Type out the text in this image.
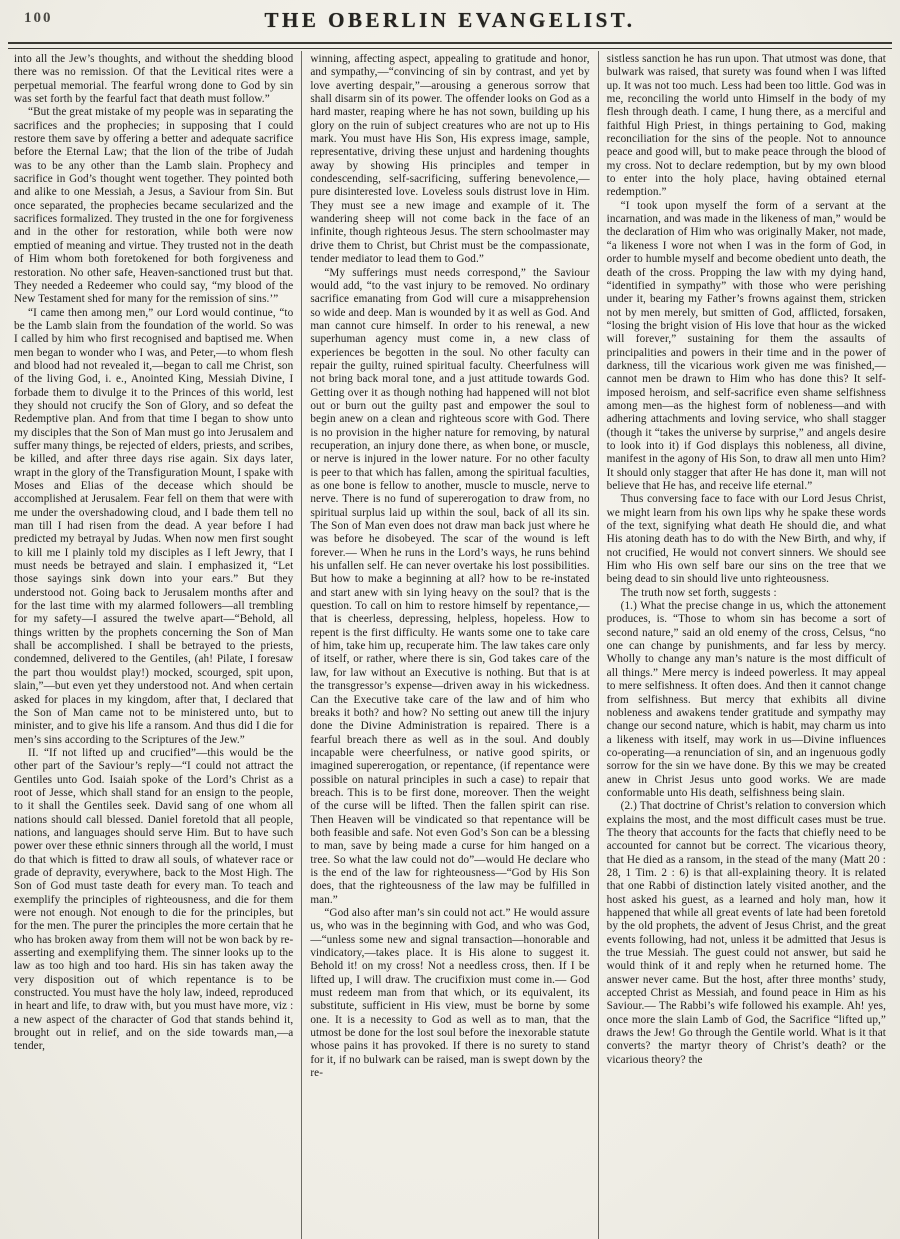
100	THE OBERLIN EVANGELIST.

into all the Jew’s thoughts, and without the shedding blood there was no remission. Of that the Levitical rites were a perpetual memorial. The fearful wrong done to God by sin was set forth by the fearful fact that death must follow.”

“But the great mistake of my people was in separating the sacrifices and the prophecies; in supposing that I could restore them save by offering a better and adequate sacrifice before the Eternal Law; that the lion of the tribe of Judah was to be any other than the Lamb slain. Prophecy and sacrifice in God’s thought went together. They pointed both and alike to one Messiah, a Jesus, a Saviour from Sin. But once separated, the prophecies became secularized and the sacrifices formalized. They trusted in the one for forgiveness and in the other for restoration, while both were now emptied of meaning and virtue. They trusted not in the death of Him whom both foretokened for both forgiveness and restoration. No other safe, Heaven-sanctioned trust but that. They needed a Redeemer who could say, “my blood of the New Testament shed for many for the remission of sins.’”

“I came then among men,” our Lord would continue, “to be the Lamb slain from the foundation of the world. So was I called by him who first recognised and baptised me. When men began to wonder who I was, and Peter,—to whom flesh and blood had not revealed it,—began to call me Christ, son of the living God, i. e., Anointed King, Messiah Divine, I forbade them to divulge it to the Princes of this world, lest they should not crucify the Son of Glory, and so defeat the Redemptive plan. And from that time I began to show unto my disciples that the Son of Man must go into Jerusalem and suffer many things, be rejected of elders, priests, and scribes, be killed, and after three days rise again. Six days later, wrapt in the glory of the Transfiguration Mount, I spake with Moses and Elias of the decease which should be accomplished at Jerusalem. Fear fell on them that were with me under the overshadowing cloud, and I bade them tell no man till I had risen from the dead. A year before I had predicted my betrayal by Judas. When now men first sought to kill me I plainly told my disciples as I left Jewry, that I must needs be betrayed and slain. I emphasized it, “Let those sayings sink down into your ears.” But they understood not. Going back to Jerusalem months after and for the last time with my alarmed followers—all trembling for my safety—I assured the twelve apart—“Behold, all things written by the prophets concerning the Son of Man shall be accomplished. I shall be betrayed to the priests, condemned, delivered to the Gentiles, (ah! Pilate, I foresaw the part thou wouldst play!) mocked, scourged, spit upon, slain,”—but even yet they understood not. And when certain asked for places in my kingdom, after that, I declared that the Son of Man came not to be ministered unto, but to minister, and to give his life a ransom. And thus did I die for men’s sins according to the Scriptures of the Jew.”

II. “If not lifted up and crucified”—this would be the other part of the Saviour’s reply—“I could not attract the Gentiles unto God. Isaiah spoke of the Lord’s Christ as a root of Jesse, which shall stand for an ensign to the people, to it shall the Gentiles seek. David sang of one whom all nations should call blessed. Daniel foretold that all people, nations, and languages should serve Him. But to have such power over these ethnic sinners through all the world, I must do that which is fitted to draw all souls, of whatever race or grade of depravity, everywhere, back to the Most High. The Son of God must taste death for every man. To teach and exemplify the principles of righteousness, and die for them were not enough. Not enough to die for the principles, but for the men. The purer the principles the more certain that he who has broken away from them will not be won back by re-asserting and exemplifying them. The sinner looks up to the law as too high and too hard. His sin has taken away the very disposition out of which repentance is to be constructed. You must have the holy law, indeed, reproduced in heart and life, to draw with, but you must have more, viz : a new aspect of the character of God that stands behind it, brought out in relief, and on the side towards man,—a tender,

winning, affecting aspect, appealing to gratitude and honor, and sympathy,—“convincing of sin by contrast, and yet by love averting despair,”—arousing a generous sorrow that shall disarm sin of its power. The offender looks on God as a hard master, reaping where he has not sown, building up his glory on the ruin of subject creatures who are not up to His mark. You must have His Son, His express image, sample, representative, driving these unjust and hardening thoughts away by showing His principles and temper in condescending, self-sacrificing, suffering benevolence,—pure disinterested love. Loveless souls distrust love in Him. They must see a new image and example of it. The wandering sheep will not come back in the face of an infinite, though righteous Jesus. The stern schoolmaster may drive them to Christ, but Christ must be the compassionate, tender mediator to lead them to God.”

“My sufferings must needs correspond,” the Saviour would add, “to the vast injury to be removed. No ordinary sacrifice emanating from God will cure a misapprehension so wide and deep. Man is wounded by it as well as God. And man cannot cure himself. In order to his renewal, a new superhuman agency must come in, a new class of experiences be begotten in the soul. No other faculty can repair the guilty, ruined spiritual faculty. Cheerfulness will not bring back moral tone, and a just attitude towards God. Getting over it as though nothing had happened will not blot out or burn out the guilty past and empower the soul to begin anew on a clean and righteous score with God. There is no provision in the higher nature for removing, by natural recuperation, an injury done there, as when bone, or muscle, or nerve is injured in the lower nature. For no other faculty is peer to that which has fallen, among the spiritual faculties, as one bone is fellow to another, muscle to muscle, nerve to nerve. There is no fund of supererogation to draw from, no spiritual surplus laid up within the soul, back of all its sin. The Son of Man even does not draw man back just where he was before he disobeyed. The scar of the wound is left forever.— When he runs in the Lord’s ways, he runs behind his unfallen self. He can never overtake his lost possibilities. But how to make a beginning at all? how to be re-instated and start anew with sin lying heavy on the soul? that is the question. To call on him to restore himself by repentance,—that is cheerless, depressing, helpless, hopeless. How to repent is the first difficulty. He wants some one to take care of him, take him up, recuperate him. The law takes care only of itself, or rather, where there is sin, God takes care of the law, for law without an Executive is nothing. But that is at the transgressor’s expense—driven away in his wickedness. Can the Executive take care of the law and of him who breaks it both? and how? No setting out anew till the injury done the Divine Administration is repaired. There is a fearful breach there as well as in the soul. And doubly incapable were cheerfulness, or native good spirits, or imagined supererogation, or repentance, (if repentance were possible on natural principles in such a case) to repair that breach. This is to be first done, moreover. Then the weight of the curse will be lifted. Then the fallen spirit can rise. Then Heaven will be vindicated so that repentance will be both feasible and safe. Not even God’s Son can be a blessing to man, save by being made a curse for him hanged on a tree. So what the law could not do”—would He declare who is the end of the law for righteousness—“God by His Son does, that the righteousness of the law may be fulfilled in man.”

“God also after man’s sin could not act.” He would assure us, who was in the beginning with God, and who was God,—“unless some new and signal transaction—honorable and vindicatory,—takes place. It is His alone to suggest it. Behold it! on my cross! Not a needless cross, then. If I be lifted up, I will draw. The crucifixion must come in.— God must redeem man from that which, or its equivalent, its substitute, sufficient in His view, must be borne by some one. It is a necessity to God as well as to man, that the utmost be done for the lost soul before the inexorable statute whose pains it has provoked. If there is no surety to stand for it, if no bulwark can be raised, man is swept down by the re-

sistless sanction he has run upon. That utmost was done, that bulwark was raised, that surety was found when I was lifted up. It was not too much. Less had been too little. God was in me, reconciling the world unto Himself in the body of my flesh through death. I came, I hung there, as a merciful and faithful High Priest, in things pertaining to God, making reconciliation for the sins of the people. Not to announce peace and good will, but to make peace through the blood of my cross. Not to declare redemption, but by my own blood to enter into the holy place, having obtained eternal redemption.”

“I took upon myself the form of a servant at the incarnation, and was made in the likeness of man,” would be the declaration of Him who was originally Maker, not made, “a likeness I wore not when I was in the form of God, in order to humble myself and become obedient unto death, the death of the cross. Propping the law with my dying hand, “identified in sympathy” with those who were perishing under it, bearing my Father’s frowns against them, stricken not by men merely, but smitten of God, afflicted, forsaken, “losing the bright vision of His love that hour as the wicked will forever,” sustaining for them the assaults of principalities and powers in their time and in the power of darkness, till the vicarious work given me was finished,—cannot men be drawn to Him who has done this? It self-imposed heroism, and self-sacrifice even shame selfishness among men—as the highest form of nobleness—and with adhering attachments and loving service, who shall stagger (though it “takes the universe by surprise,” and angels desire to look into it) if God displays this nobleness, all divine, manifest in the agony of His Son, to draw all men unto Him? It should only stagger that after He has done it, man will not believe that He has, and receive life eternal.”

Thus conversing face to face with our Lord Jesus Christ, we might learn from his own lips why he spake these words of the text, signifying what death He should die, and what His atoning death has to do with the New Birth, and why, if not crucified, He would not convert sinners. We should see Him who His own self bare our sins on the tree that we being dead to sin should live unto righteousness.

The truth now set forth, suggests :

(1.) What the precise change in us, which the attonement produces, is. “Those to whom sin has become a sort of second nature,” said an old enemy of the cross, Celsus, “no one can change by punishments, and far less by mercy. Wholly to change any man’s nature is the most difficult of all things.” Mere mercy is indeed powerless. It may appeal to mere selfishness. It often does. And then it cannot change from selfishness. But mercy that exhibits all divine nobleness and awakens tender gratitude and sympathy may change our second nature, which is habit, may charm us into a likeness with itself, may work in us—Divine influences co-operating—a renunciation of sin, and an ingenuous godly sorrow for the sin we have done. By this we may be created anew in Christ Jesus unto good works. We are made conformable unto His death, selfishness being slain.

(2.) That doctrine of Christ’s relation to conversion which explains the most, and the most difficult cases must be true. The theory that accounts for the facts that chiefly need to be accounted for cannot but be correct. The vicarious theory, that He died as a ransom, in the stead of the many (Matt 20 : 28, 1 Tim. 2 : 6) is that all-explaining theory. It is related that one Rabbi of distinction lately visited another, and the host asked his guest, as a learned and holy man, how it happened that while all great events of late had been foretold by the old prophets, the advent of Jesus Christ, and the great events following, had not, unless it be admitted that Jesus is the true Messiah. The guest could not answer, but said he would think of it and reply when he returned home. The answer never came. But the host, after three months’ study, accepted Christ as Messiah, and found peace in Him as his Saviour.— The Rabbi’s wife followed his example. Ah! yes, once more the slain Lamb of God, the Sacrifice “lifted up,” draws the Jew! Go through the Gentile world. What is it that converts? the martyr theory of Christ’s death? or the vicarious theory? the
